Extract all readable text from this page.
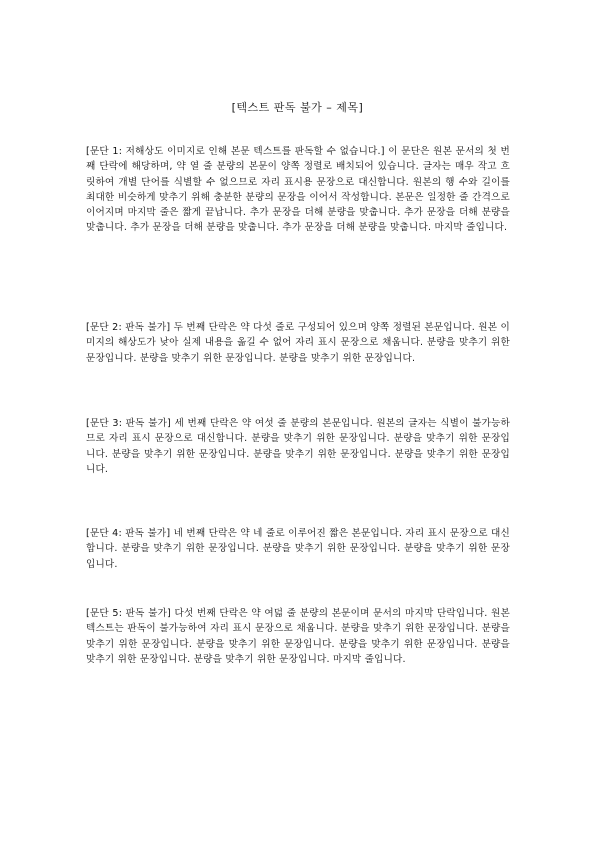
[텍스트 판독 불가 – 제목]

[문단 1: 저해상도 이미지로 인해 본문 텍스트를 판독할 수 없습니다.] 이 문단은 원본 문서의 첫 번째 단락에 해당하며, 약 열 줄 분량의 본문이 양쪽 정렬로 배치되어 있습니다. 글자는 매우 작고 흐릿하여 개별 단어를 식별할 수 없으므로 자리 표시용 문장으로 대신합니다. 원본의 행 수와 길이를 최대한 비슷하게 맞추기 위해 충분한 분량의 문장을 이어서 작성합니다. 본문은 일정한 줄 간격으로 이어지며 마지막 줄은 짧게 끝납니다. 추가 문장을 더해 분량을 맞춥니다. 추가 문장을 더해 분량을 맞춥니다. 추가 문장을 더해 분량을 맞춥니다. 추가 문장을 더해 분량을 맞춥니다. 마지막 줄입니다.

[문단 2: 판독 불가] 두 번째 단락은 약 다섯 줄로 구성되어 있으며 양쪽 정렬된 본문입니다. 원본 이미지의 해상도가 낮아 실제 내용을 옮길 수 없어 자리 표시 문장으로 채웁니다. 분량을 맞추기 위한 문장입니다. 분량을 맞추기 위한 문장입니다. 분량을 맞추기 위한 문장입니다.

[문단 3: 판독 불가] 세 번째 단락은 약 여섯 줄 분량의 본문입니다. 원본의 글자는 식별이 불가능하므로 자리 표시 문장으로 대신합니다. 분량을 맞추기 위한 문장입니다. 분량을 맞추기 위한 문장입니다. 분량을 맞추기 위한 문장입니다. 분량을 맞추기 위한 문장입니다. 분량을 맞추기 위한 문장입니다.

[문단 4: 판독 불가] 네 번째 단락은 약 네 줄로 이루어진 짧은 본문입니다. 자리 표시 문장으로 대신합니다. 분량을 맞추기 위한 문장입니다. 분량을 맞추기 위한 문장입니다. 분량을 맞추기 위한 문장입니다.

[문단 5: 판독 불가] 다섯 번째 단락은 약 여덟 줄 분량의 본문이며 문서의 마지막 단락입니다. 원본 텍스트는 판독이 불가능하여 자리 표시 문장으로 채웁니다. 분량을 맞추기 위한 문장입니다. 분량을 맞추기 위한 문장입니다. 분량을 맞추기 위한 문장입니다. 분량을 맞추기 위한 문장입니다. 분량을 맞추기 위한 문장입니다. 분량을 맞추기 위한 문장입니다. 마지막 줄입니다.
